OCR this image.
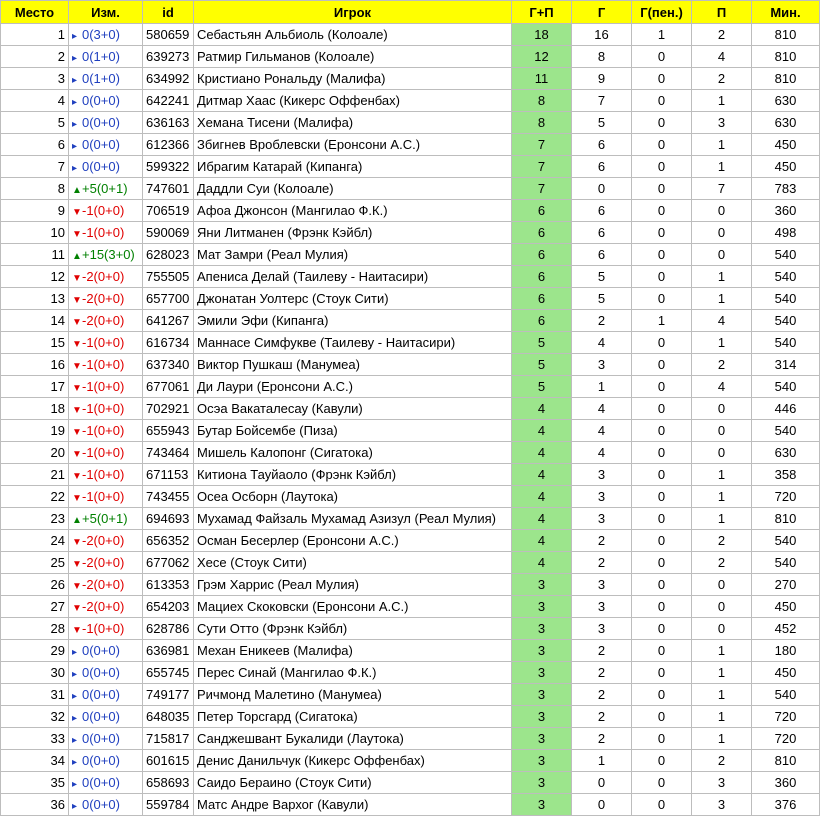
Место	Изм.	id	Игрок	Г+П	Г	Г(пен.)	П	Мин.
1	▸ 0(3+0)	580659	Себастьян Альбиоль (Колоале)	18	16	1	2	810
2	▸ 0(1+0)	639273	Ратмир Гильманов (Колоале)	12	8	0	4	810
3	▸ 0(1+0)	634992	Кристиано Рональду (Малифа)	11	9	0	2	810
4	▸ 0(0+0)	642241	Дитмар Хаас (Кикерс Оффенбах)	8	7	0	1	630
5	▸ 0(0+0)	636163	Хемана Тисени (Малифа)	8	5	0	3	630
6	▸ 0(0+0)	612366	Збигнев Вроблевски (Еронсони А.С.)	7	6	0	1	450
7	▸ 0(0+0)	599322	Ибрагим Катарай (Кипанга)	7	6	0	1	450
8	▲+5(0+1)	747601	Даддли Суи (Колоале)	7	0	0	7	783
9	▼-1(0+0)	706519	Афоа Джонсон (Мангилао Ф.К.)	6	6	0	0	360
10	▼-1(0+0)	590069	Яни Литманен (Фрэнк Кэйбл)	6	6	0	0	498
11	▲+15(3+0)	628023	Мат Замри (Реал Мулия)	6	6	0	0	540
12	▼-2(0+0)	755505	Апениса Делай (Таилеву - Наитасири)	6	5	0	1	540
13	▼-2(0+0)	657700	Джонатан Уолтерс (Стоук Сити)	6	5	0	1	540
14	▼-2(0+0)	641267	Эмили Эфи (Кипанга)	6	2	1	4	540
15	▼-1(0+0)	616734	Маннасе Симфукве (Таилеву - Наитасири)	5	4	0	1	540
16	▼-1(0+0)	637340	Виктор Пушкаш (Манумеа)	5	3	0	2	314
17	▼-1(0+0)	677061	Ди Лаури (Еронсони А.С.)	5	1	0	4	540
18	▼-1(0+0)	702921	Осэа Вакаталесау (Кавули)	4	4	0	0	446
19	▼-1(0+0)	655943	Бутар Бойсембе (Пиза)	4	4	0	0	540
20	▼-1(0+0)	743464	Мишель Калопонг (Сигатока)	4	4	0	0	630
21	▼-1(0+0)	671153	Китиона Тауйаоло (Фрэнк Кэйбл)	4	3	0	1	358
22	▼-1(0+0)	743455	Осеа Осборн (Лаутока)	4	3	0	1	720
23	▲+5(0+1)	694693	Мухамад Файзаль Мухамад Азизул (Реал Мулия)	4	3	0	1	810
24	▼-2(0+0)	656352	Осман Бесерлер (Еронсони А.С.)	4	2	0	2	540
25	▼-2(0+0)	677062	Хесе (Стоук Сити)	4	2	0	2	540
26	▼-2(0+0)	613353	Грэм Харрис (Реал Мулия)	3	3	0	0	270
27	▼-2(0+0)	654203	Мациех Скоковски (Еронсони А.С.)	3	3	0	0	450
28	▼-1(0+0)	628786	Сути Отто (Фрэнк Кэйбл)	3	3	0	0	452
29	▸ 0(0+0)	636981	Механ Еникеев (Малифа)	3	2	0	1	180
30	▸ 0(0+0)	655745	Перес Синай (Мангилао Ф.К.)	3	2	0	1	450
31	▸ 0(0+0)	749177	Ричмонд Малетино (Манумеа)	3	2	0	1	540
32	▸ 0(0+0)	648035	Петер Торсгард (Сигатока)	3	2	0	1	720
33	▸ 0(0+0)	715817	Санджешвант Букалиди (Лаутока)	3	2	0	1	720
34	▸ 0(0+0)	601615	Денис Данильчук (Кикерс Оффенбах)	3	1	0	2	810
35	▸ 0(0+0)	658693	Саидо Бераино (Стоук Сити)	3	0	0	3	360
36	▸ 0(0+0)	559784	Матс Андре Вархог (Кавули)	3	0	0	3	376
